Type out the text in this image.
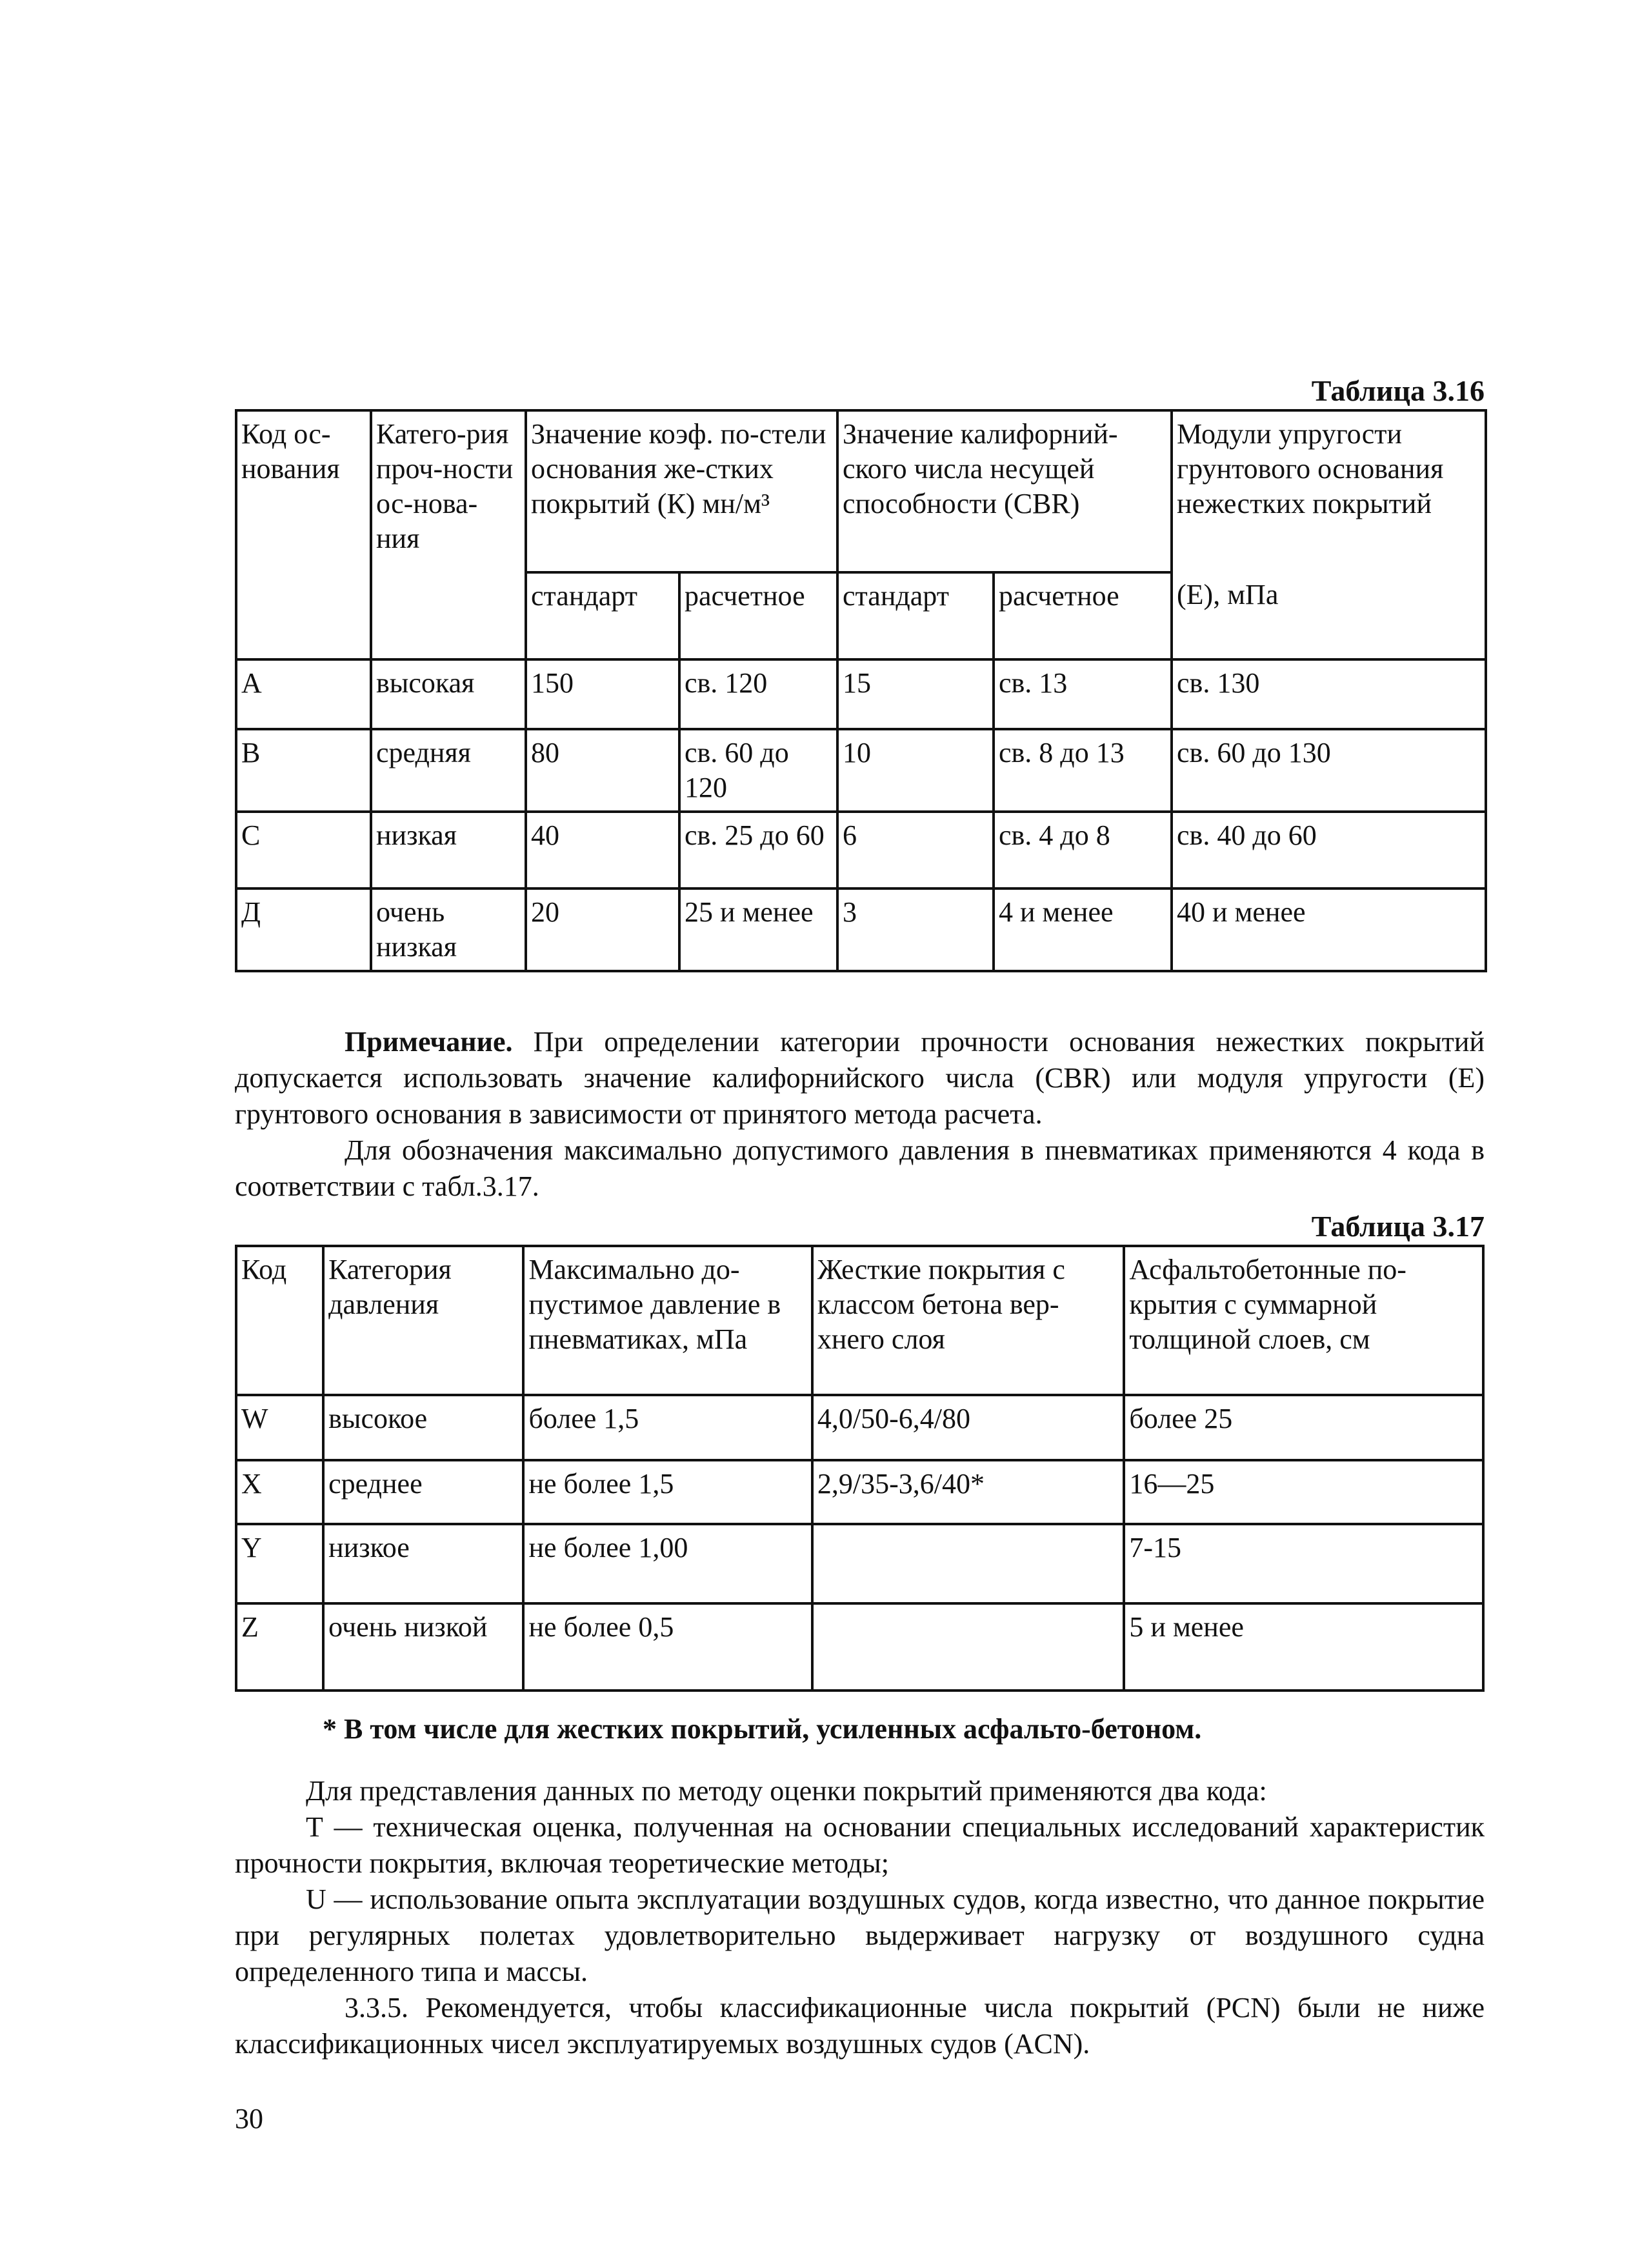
Таблица 3.16
Код ос-нования	Катего-рия проч-ности ос-нова-ния	Значение коэф. по-стели основания же-стких покрытий (К) мн/м³		Значение калифорний-ского числа несущей способности (CBR)		Модули упругости грунтового основания нежестких покрытий
		стандарт	расчетное	стандарт	расчетное	(Е), мПа
А	высокая	150	св. 120	15	св. 13	св. 130
В	средняя	80	св. 60 до 120	10	св. 8 до 13	св. 60 до 130
С	низкая	40	св. 25 до 60	6	св. 4 до 8	св. 40 до 60
Д	очень низкая	20	25 и менее	3	4 и менее	40 и менее
Примечание. При определении категории прочности основания нежестких покрытий допускается использовать значение калифорнийского числа (CBR) или модуля упругости (Е) грунтового основания в зависимости от принятого метода расчета.
Для обозначения максимально допустимого давления в пневматиках применяются 4 кода в соответствии с табл.3.17.
Таблица 3.17
Код	Категория давления	Максимально до-пустимое давление в пневматиках, мПа	Жесткие покрытия с классом бетона вер-хнего слоя	Асфальтобетонные по-крытия с суммарной толщиной слоев, см
W	высокое	более 1,5	4,0/50-6,4/80	более 25
X	среднее	не более 1,5	2,9/35-3,6/40*	16—25
Y	низкое	не более 1,00		7-15
Z	очень низкой	не более 0,5		5 и менее
* В том числе для жестких покрытий, усиленных асфальто-бетоном.
Для представления данных по методу оценки покрытий применяются два кода:
Т — техническая оценка, полученная на основании специальных исследований характеристик прочности покрытия, включая теоретические методы;
U — использование опыта эксплуатации воздушных судов, когда известно, что данное покрытие при регулярных полетах удовлетворительно выдерживает нагрузку от воздушного судна определенного типа и массы.
3.3.5. Рекомендуется, чтобы классификационные числа покрытий (PCN) были не ниже классификационных чисел эксплуатируемых воздушных судов (ACN).
30
